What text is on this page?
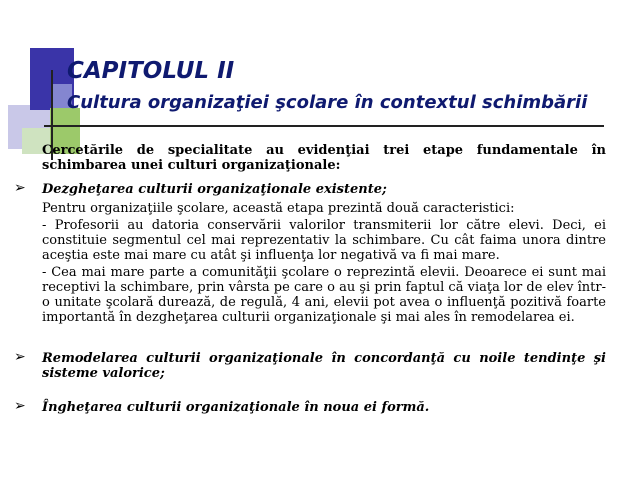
CAPITOLUL II
Cultura organizaţiei şcolare în contextul schimbării
Cercetările de specialitate au evidenţiai trei etape fundamentale în schimbarea unei culturi organizaţionale:
➢ Dezgheţarea culturii organizaţionale existente;
Pentru organizaţiile şcolare, această etapa prezintă două caracteristici:
- Profesorii au datoria conservării valorilor transmiterii lor către elevi. Deci, ei constituie segmentul cel mai reprezentativ la schimbare. Cu cât faima unora dintre aceştia este mai mare cu atât şi influenţa lor negativă va fi mai mare.
- Cea mai mare parte a comunităţii şcolare o reprezintă elevii. Deoarece ei sunt mai receptivi la schimbare, prin vârsta pe care o au şi prin faptul că viaţa lor de elev într-o unitate şcolară durează, de regulă, 4 ani, elevii pot avea o influenţă pozitivă foarte importantă în dezgheţarea culturii organizaţionale şi mai ales în remodelarea ei.
➢ Remodelarea culturii organizaţionale în concordanţă cu noile tendinţe şi sisteme valorice;
➢ Îngheţarea culturii organizaţionale în noua ei formă.
